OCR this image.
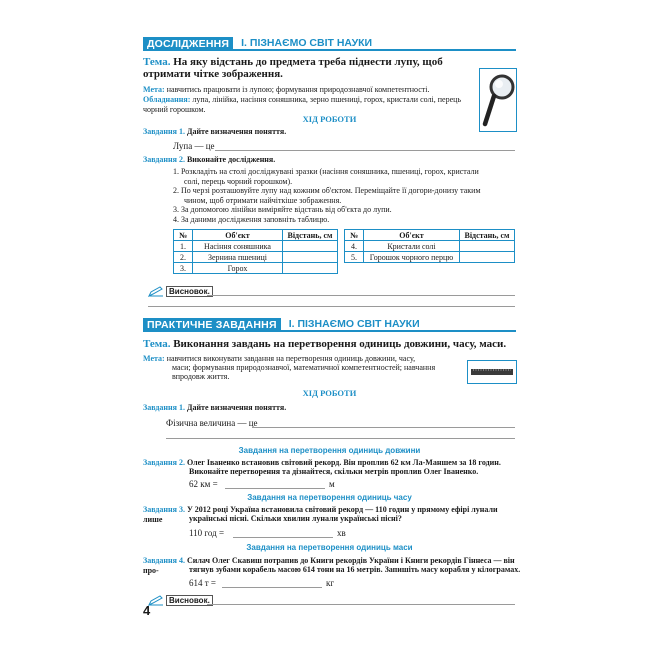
ДОСЛІДЖЕННЯ	І. ПІЗНАЄМО СВІТ НАУКИ
Тема. На яку відстань до предмета треба піднести лупу, щоб отримати чітке зображення.
Мета: навчитись працювати із лупою; формування природознавчої компетентності.
Обладнання: лупа, лінійка, насіння соняшника, зерно пшениці, горох, кристали солі, перець чорний горошком.
ХІД РОБОТИ
Завдання 1. Дайте визначення поняття.
Лупа — це
Завдання 2. Виконайте дослідження.
1. Розкладіть на столі досліджувані зразки (насіння соняшника, пшениці, горох, кристали
солі, перець чорний горошком).
2. По черзі розташовуйте лупу над кожним об'єктом. Переміщайте її догори-донизу таким
чином, щоб отримати найчіткіше зображення.
3. За допомогою лінійки виміряйте відстань від об'єкта до лупи.
4. За даними дослідження заповніть таблицю.
№	Об'єкт	Відстань, см
1.	Насіння соняшника	
2.	Зернина пшениці	
3.	Горох	
№	Об'єкт	Відстань, см
4.	Кристали солі	
5.	Горошок чорного перцю	
Висновок.
ПРАКТИЧНЕ ЗАВДАННЯ	І. ПІЗНАЄМО СВІТ НАУКИ
Тема. Виконання завдань на перетворення одиниць довжини, часу, маси.
Мета: навчитися виконувати завдання на перетворення одиниць довжини, часу,
маси; формування природознавчої, математичної компетентностей; навчання
впродовж життя.
ХІД РОБОТИ
Завдання 1. Дайте визначення поняття.
Фізична величина — це
Завдання на перетворення одиниць довжини
Завдання 2. Олег Іваненко встановив світовий рекорд. Він проплив 62 км Ла-Маншем за 18 годин.
Виконайте перетворення та дізнайтеся, скільки метрів проплив Олег Іваненко.
62 км =	м
Завдання на перетворення одиниць часу
Завдання 3. У 2012 році Україна встановила світовий рекорд — 110 годин у прямому ефірі лунали лише	українські пісні. Скільки хвилин лунали українські пісні?
110 год =	хв
Завдання на перетворення одиниць маси
Завдання 4. Силач Олег Скавиш потрапив до Книги рекордів України і Книги рекордів Гіннеса — він про-	тягнув зубами корабель масою 614 тони на 16 метрів. Запишіть масу корабля у кілограмах.
614 т =	кг
Висновок.
4
